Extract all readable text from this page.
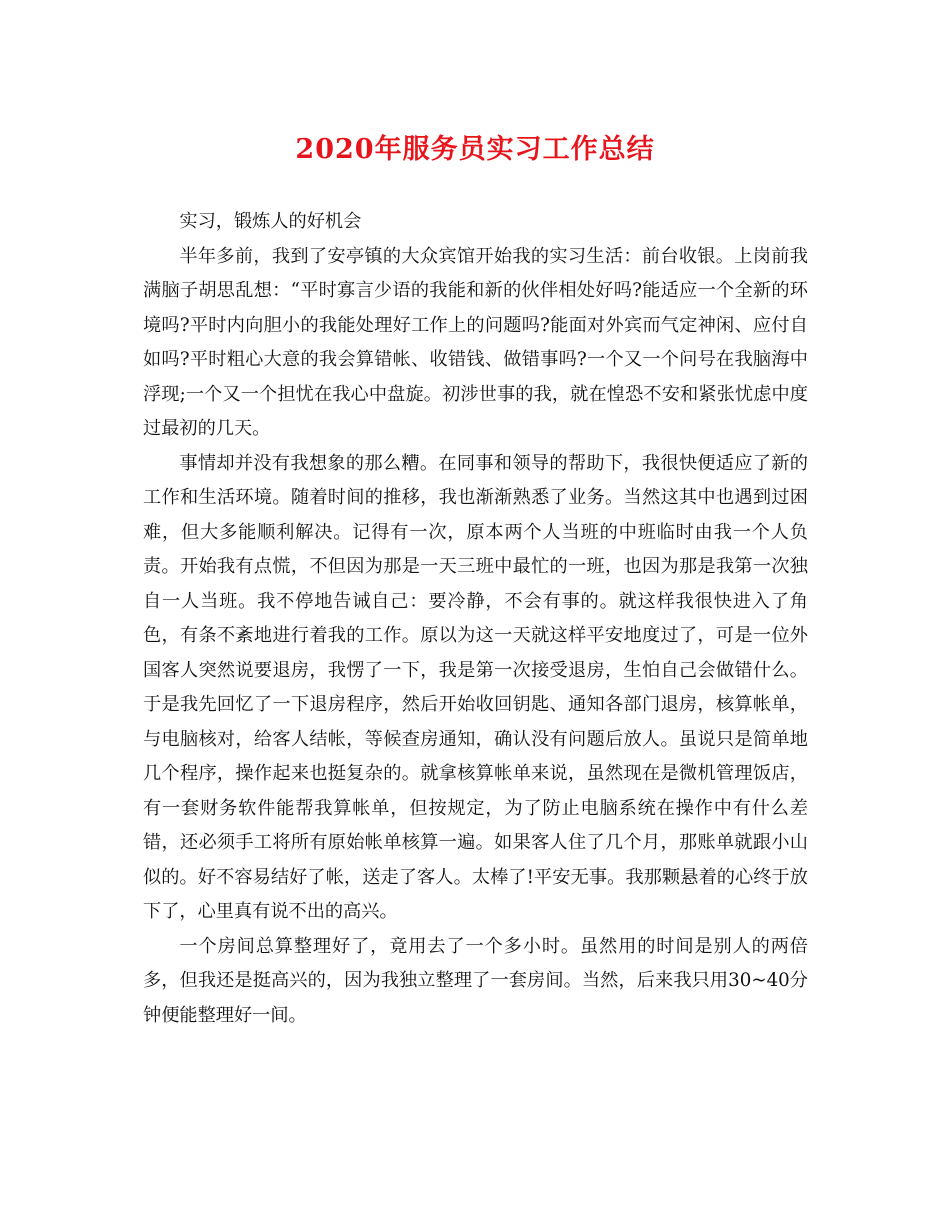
2020年服务员实习工作总结

实习，锻炼人的好机会

半年多前，我到了安亭镇的大众宾馆开始我的实习生活：前台收银。上岗前我满脑子胡思乱想：“平时寡言少语的我能和新的伙伴相处好吗?能适应一个全新的环境吗?平时内向胆小的我能处理好工作上的问题吗?能面对外宾而气定神闲、应付自如吗?平时粗心大意的我会算错帐、收错钱、做错事吗?一个又一个问号在我脑海中浮现;一个又一个担忧在我心中盘旋。初涉世事的我，就在惶恐不安和紧张忧虑中度过最初的几天。

事情却并没有我想象的那么糟。在同事和领导的帮助下，我很快便适应了新的工作和生活环境。随着时间的推移，我也渐渐熟悉了业务。当然这其中也遇到过困难，但大多能顺利解决。记得有一次，原本两个人当班的中班临时由我一个人负责。开始我有点慌，不但因为那是一天三班中最忙的一班，也因为那是我第一次独自一人当班。我不停地告诫自己：要冷静，不会有事的。就这样我很快进入了角色，有条不紊地进行着我的工作。原以为这一天就这样平安地度过了，可是一位外国客人突然说要退房，我愣了一下，我是第一次接受退房，生怕自己会做错什么。于是我先回忆了一下退房程序，然后开始收回钥匙、通知各部门退房，核算帐单，与电脑核对，给客人结帐，等候查房通知，确认没有问题后放人。虽说只是简单地几个程序，操作起来也挺复杂的。就拿核算帐单来说，虽然现在是微机管理饭店，有一套财务软件能帮我算帐单，但按规定，为了防止电脑系统在操作中有什么差错，还必须手工将所有原始帐单核算一遍。如果客人住了几个月，那账单就跟小山似的。好不容易结好了帐，送走了客人。太棒了!平安无事。我那颗悬着的心终于放下了，心里真有说不出的高兴。

一个房间总算整理好了，竟用去了一个多小时。虽然用的时间是别人的两倍多，但我还是挺高兴的，因为我独立整理了一套房间。当然，后来我只用30~40分钟便能整理好一间。
